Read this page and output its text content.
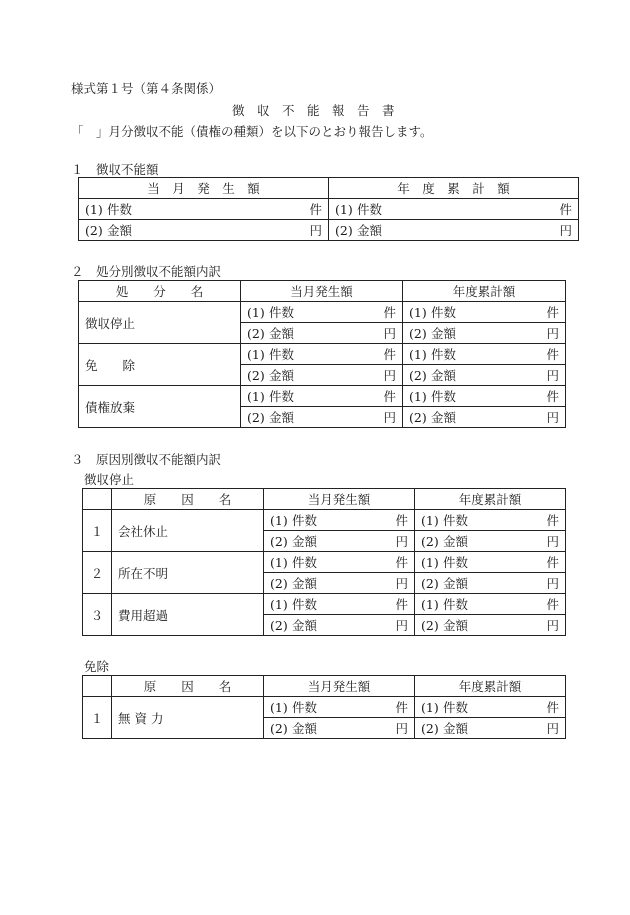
様式第１号（第４条関係）
徴　収　不　能　報　告　書
「　」月分徴収不能（債権の種類）を以下のとおり報告します。
１　徴収不能額
当　月　発　生　額	年　度　累　計　額
(1) 件数 件	(1) 件数 件

(2) 金額 円	(2) 金額 円
２　処分別徴収不能額内訳
処　　分　　名	当月発生額	年度累計額
徴収停止	(1) 件数 件	(1) 件数 件

	(2) 金額 円	(2) 金額 円

免　　除	(1) 件数 件	(1) 件数 件

	(2) 金額 円	(2) 金額 円

債権放棄	(1) 件数 件	(1) 件数 件

	(2) 金額 円	(2) 金額 円
３　原因別徴収不能額内訳
徴収停止
	原　　因　　名	当月発生額	年度累計額
１	会社休止	(1) 件数 件	(1) 件数 件

		(2) 金額 円	(2) 金額 円

２	所在不明	(1) 件数 件	(1) 件数 件

		(2) 金額 円	(2) 金額 円

３	費用超過	(1) 件数 件	(1) 件数 件

		(2) 金額 円	(2) 金額 円
免除
	原　　因　　名	当月発生額	年度累計額
１	無 資 力	(1) 件数 件	(1) 件数 件

		(2) 金額 円	(2) 金額 円
